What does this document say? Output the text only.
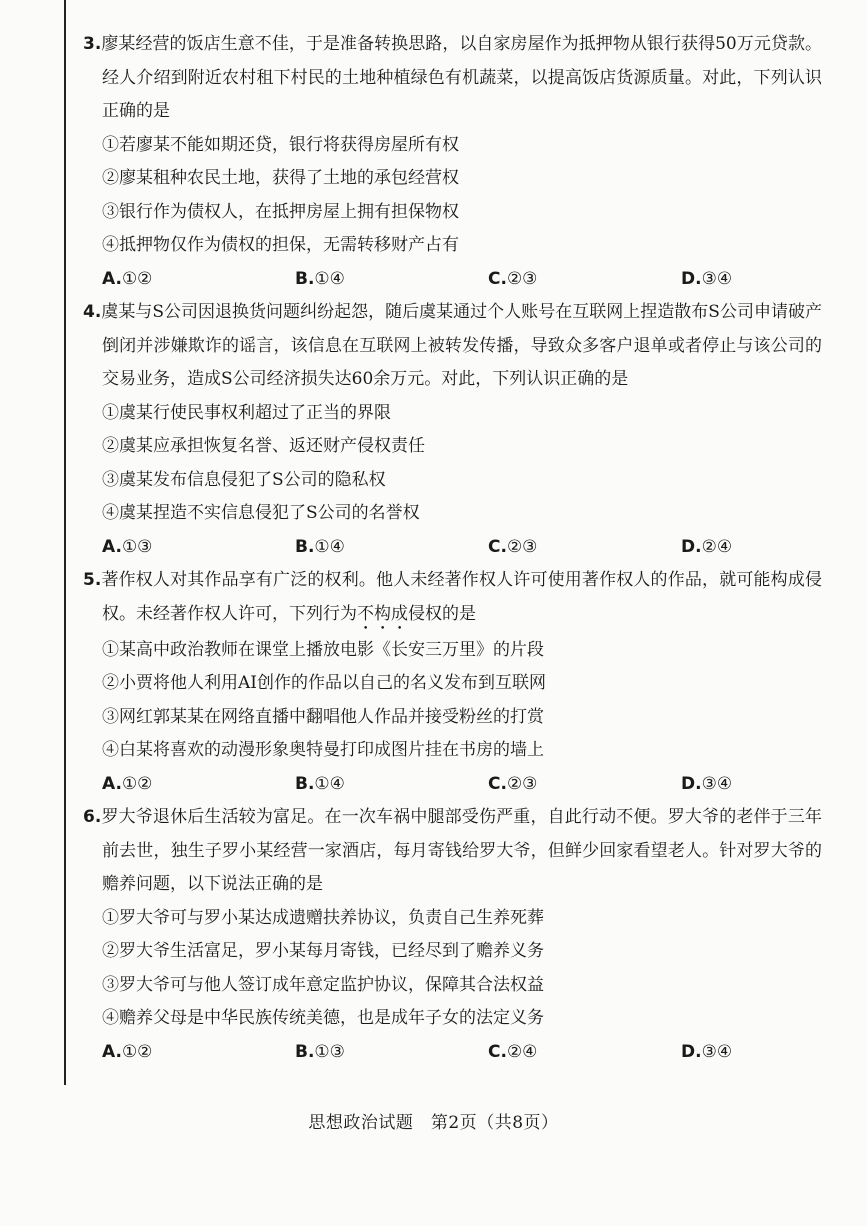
3.廖某经营的饭店生意不佳，于是准备转换思路，以自家房屋作为抵押物从银行获得50万元贷款。经人介绍到附近农村租下村民的土地种植绿色有机蔬菜，以提高饭店货源质量。对此，下列认识正确的是

①若廖某不能如期还贷，银行将获得房屋所有权

②廖某租种农民土地，获得了土地的承包经营权

③银行作为债权人，在抵押房屋上拥有担保物权

④抵押物仅作为债权的担保，无需转移财产占有

A.①②	B.①④	C.②③	D.③④

4.虞某与S公司因退换货问题纠纷起怨，随后虞某通过个人账号在互联网上捏造散布S公司申请破产倒闭并涉嫌欺诈的谣言，该信息在互联网上被转发传播，导致众多客户退单或者停止与该公司的交易业务，造成S公司经济损失达60余万元。对此，下列认识正确的是

①虞某行使民事权利超过了正当的界限

②虞某应承担恢复名誉、返还财产侵权责任

③虞某发布信息侵犯了S公司的隐私权

④虞某捏造不实信息侵犯了S公司的名誉权

A.①③	B.①④	C.②③	D.②④

5.著作权人对其作品享有广泛的权利。他人未经著作权人许可使用著作权人的作品，就可能构成侵权。未经著作权人许可，下列行为不构成侵权的是

①某高中政治教师在课堂上播放电影《长安三万里》的片段

②小贾将他人利用AI创作的作品以自己的名义发布到互联网

③网红郭某某在网络直播中翻唱他人作品并接受粉丝的打赏

④白某将喜欢的动漫形象奥特曼打印成图片挂在书房的墙上

A.①②	B.①④	C.②③	D.③④

6.罗大爷退休后生活较为富足。在一次车祸中腿部受伤严重，自此行动不便。罗大爷的老伴于三年前去世，独生子罗小某经营一家酒店，每月寄钱给罗大爷，但鲜少回家看望老人。针对罗大爷的赡养问题，以下说法正确的是

①罗大爷可与罗小某达成遗赠扶养协议，负责自己生养死葬

②罗大爷生活富足，罗小某每月寄钱，已经尽到了赡养义务

③罗大爷可与他人签订成年意定监护协议，保障其合法权益

④赡养父母是中华民族传统美德，也是成年子女的法定义务

A.①②	B.①③	C.②④	D.③④
思想政治试题　第2页（共8页）
